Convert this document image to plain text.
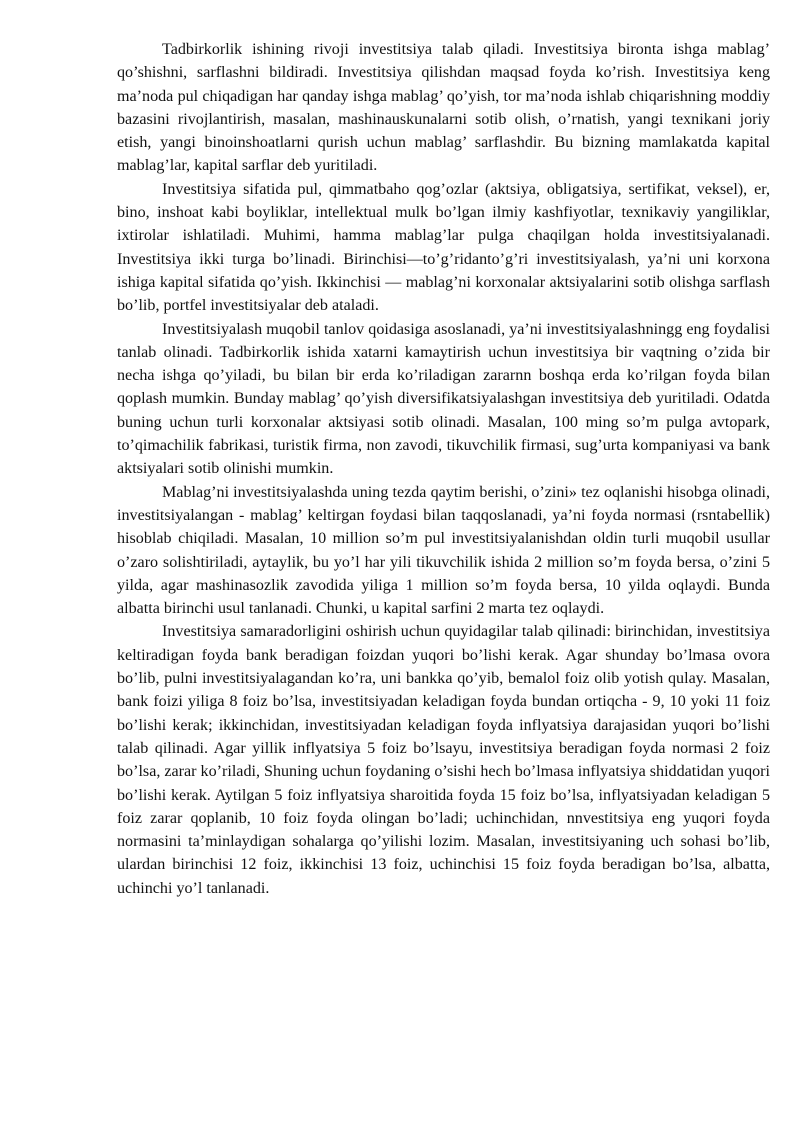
Tadbirkorlik ishining rivoji investitsiya talab qiladi. Investitsiya bironta ishga mablag’ qo’shishni, sarflashni bildiradi. Investitsiya qilishdan maqsad foyda ko’rish. Investitsiya keng ma’noda pul chiqadigan har qanday ishga mablag’ qo’yish, tor ma’noda ishlab chiqarishning moddiy bazasini rivojlantirish, masalan, mashinauskunalarni sotib olish, o’rnatish, yangi texnikani joriy etish, yangi binoinshoatlarni qurish uchun mablag’ sarflashdir. Bu bizning mamlakatda kapital mablag’lar, kapital sarflar deb yuritiladi.

Investitsiya sifatida pul, qimmatbaho qog’ozlar (aktsiya, obligatsiya, sertifikat, veksel), er, bino, inshoat kabi boyliklar, intellektual mulk bo’lgan ilmiy kashfiyotlar, texnikaviy yangiliklar, ixtirolar ishlatiladi. Muhimi, hamma mablag’lar pulga chaqilgan holda investitsiyalanadi. Investitsiya ikki turga bo’linadi. Birinchisi—to’g’ridanto’g’ri investitsiyalash, ya’ni uni korxona ishiga kapital sifatida qo’yish. Ikkinchisi — mablag’ni korxonalar aktsiyalarini sotib olishga sarflash bo’lib, portfel investitsiyalar deb ataladi.

Investitsiyalash muqobil tanlov qoidasiga asoslanadi, ya’ni investitsiyalashningg eng foydalisi tanlab olinadi. Tadbirkorlik ishida xatarni kamaytirish uchun investitsiya bir vaqtning o’zida bir necha ishga qo’yiladi, bu bilan bir erda ko’riladigan zararnn boshqa erda ko’rilgan foyda bilan qoplash mumkin. Bunday mablag’ qo’yish diversifikatsiyalashgan investitsiya deb yuritiladi. Odatda buning uchun turli korxonalar aktsiyasi sotib olinadi. Masalan, 100 ming so’m pulga avtopark, to’qimachilik fabrikasi, turistik firma, non zavodi, tikuvchilik firmasi, sug’urta kompaniyasi va bank aktsiyalari sotib olinishi mumkin.

Mablag’ni investitsiyalashda uning tezda qaytim berishi, o’zini» tez oqlanishi hisobga olinadi, investitsiyalangan - mablag’ keltirgan foydasi bilan taqqoslanadi, ya’ni foyda normasi (rsntabellik) hisoblab chiqiladi. Masalan, 10 million so’m pul investitsiyalanishdan oldin turli muqobil usullar o’zaro solishtiriladi, aytaylik, bu yo’l har yili tikuvchilik ishida 2 million so’m foyda bersa, o’zini 5 yilda, agar mashinasozlik zavodida yiliga 1 million so’m foyda bersa, 10 yilda oqlaydi. Bunda albatta birinchi usul tanlanadi. Chunki, u kapital sarfini 2 marta tez oqlaydi.

Investitsiya samaradorligini oshirish uchun quyidagilar talab qilinadi: birinchidan, investitsiya keltiradigan foyda bank beradigan foizdan yuqori bo’lishi kerak. Agar shunday bo’lmasa ovora bo’lib, pulni investitsiyalagandan ko’ra, uni bankka qo’yib, bemalol foiz olib yotish qulay. Masalan, bank foizi yiliga 8 foiz bo’lsa, investitsiyadan keladigan foyda bundan ortiqcha - 9, 10 yoki 11 foiz bo’lishi kerak; ikkinchidan, investitsiyadan keladigan foyda inflyatsiya darajasidan yuqori bo’lishi talab qilinadi. Agar yillik inflyatsiya 5 foiz bo’lsayu, investitsiya beradigan foyda normasi 2 foiz bo’lsa, zarar ko’riladi, Shuning uchun foydaning o’sishi hech bo’lmasa inflyatsiya shiddatidan yuqori bo’lishi kerak. Aytilgan 5 foiz inflyatsiya sharoitida foyda 15 foiz bo’lsa, inflyatsiyadan keladigan 5 foiz zarar qoplanib, 10 foiz foyda olingan bo’ladi; uchinchidan, nnvestitsiya eng yuqori foyda normasini ta’minlaydigan sohalarga qo’yilishi lozim. Masalan, investitsiyaning uch sohasi bo’lib, ulardan birinchisi 12 foiz, ikkinchisi 13 foiz, uchinchisi 15 foiz foyda beradigan bo’lsa, albatta, uchinchi yo’l tanlanadi.
